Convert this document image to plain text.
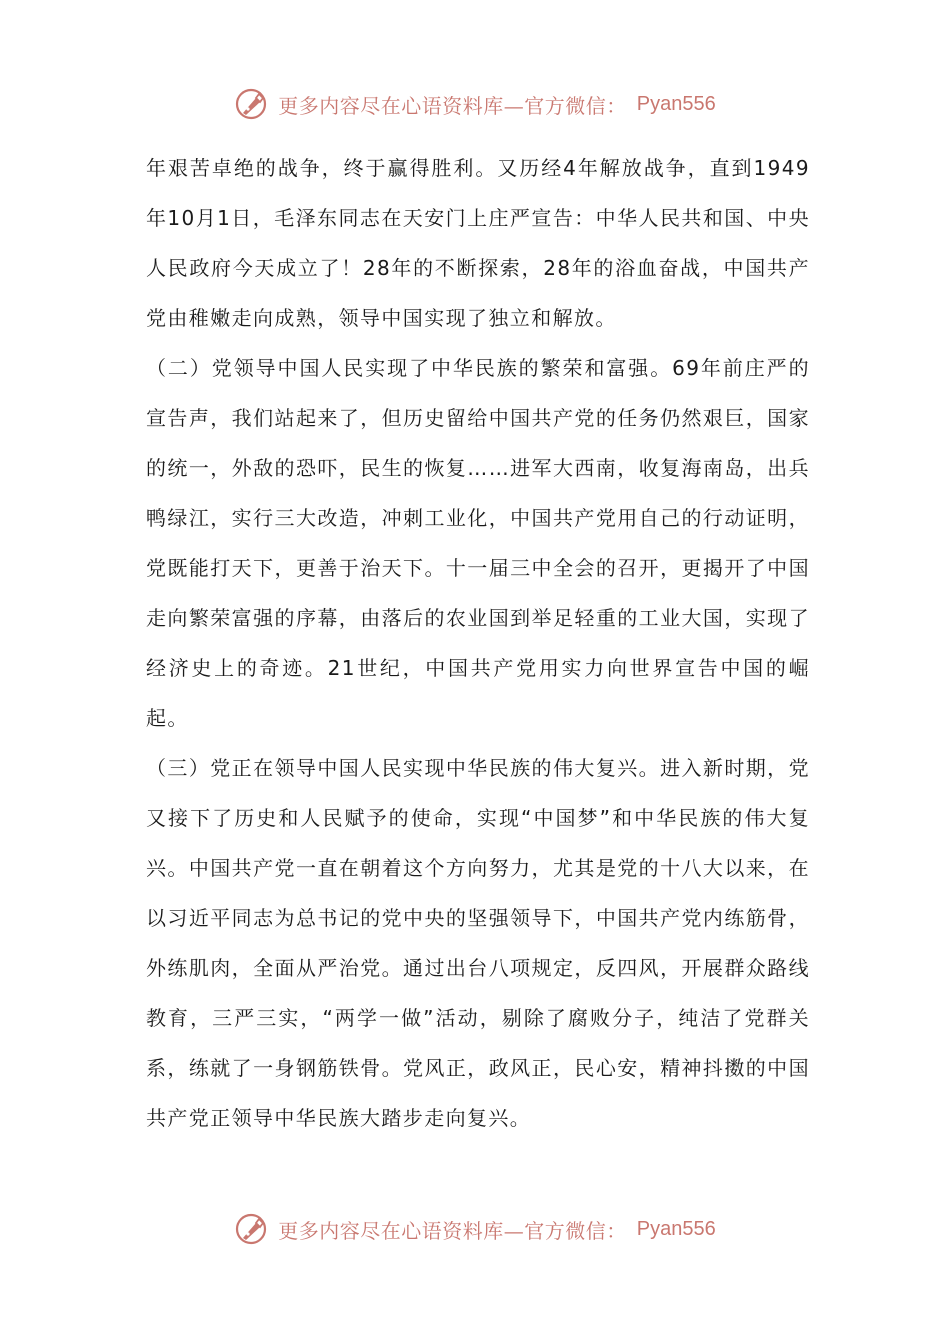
更多内容尽在心语资料库—官方微信： Pyan556

年艰苦卓绝的战争，终于赢得胜利。又历经4年解放战争，直到1949年10月1日，毛泽东同志在天安门上庄严宣告：中华人民共和国、中央人民政府今天成立了！28年的不断探索，28年的浴血奋战，中国共产党由稚嫩走向成熟，领导中国实现了独立和解放。

（二）党领导中国人民实现了中华民族的繁荣和富强。69年前庄严的宣告声，我们站起来了，但历史留给中国共产党的任务仍然艰巨，国家的统一，外敌的恐吓，民生的恢复……进军大西南，收复海南岛，出兵鸭绿江，实行三大改造，冲刺工业化，中国共产党用自己的行动证明，党既能打天下，更善于治天下。十一届三中全会的召开，更揭开了中国走向繁荣富强的序幕，由落后的农业国到举足轻重的工业大国，实现了经济史上的奇迹。21世纪，中国共产党用实力向世界宣告中国的崛起。

（三）党正在领导中国人民实现中华民族的伟大复兴。进入新时期，党又接下了历史和人民赋予的使命，实现“中国梦”和中华民族的伟大复兴。中国共产党一直在朝着这个方向努力，尤其是党的十八大以来，在以习近平同志为总书记的党中央的坚强领导下，中国共产党内练筋骨，外练肌肉，全面从严治党。通过出台八项规定，反四风，开展群众路线教育，三严三实，“两学一做”活动，剔除了腐败分子，纯洁了党群关系，练就了一身钢筋铁骨。党风正，政风正，民心安，精神抖擞的中国共产党正领导中华民族大踏步走向复兴。

更多内容尽在心语资料库—官方微信： Pyan556
